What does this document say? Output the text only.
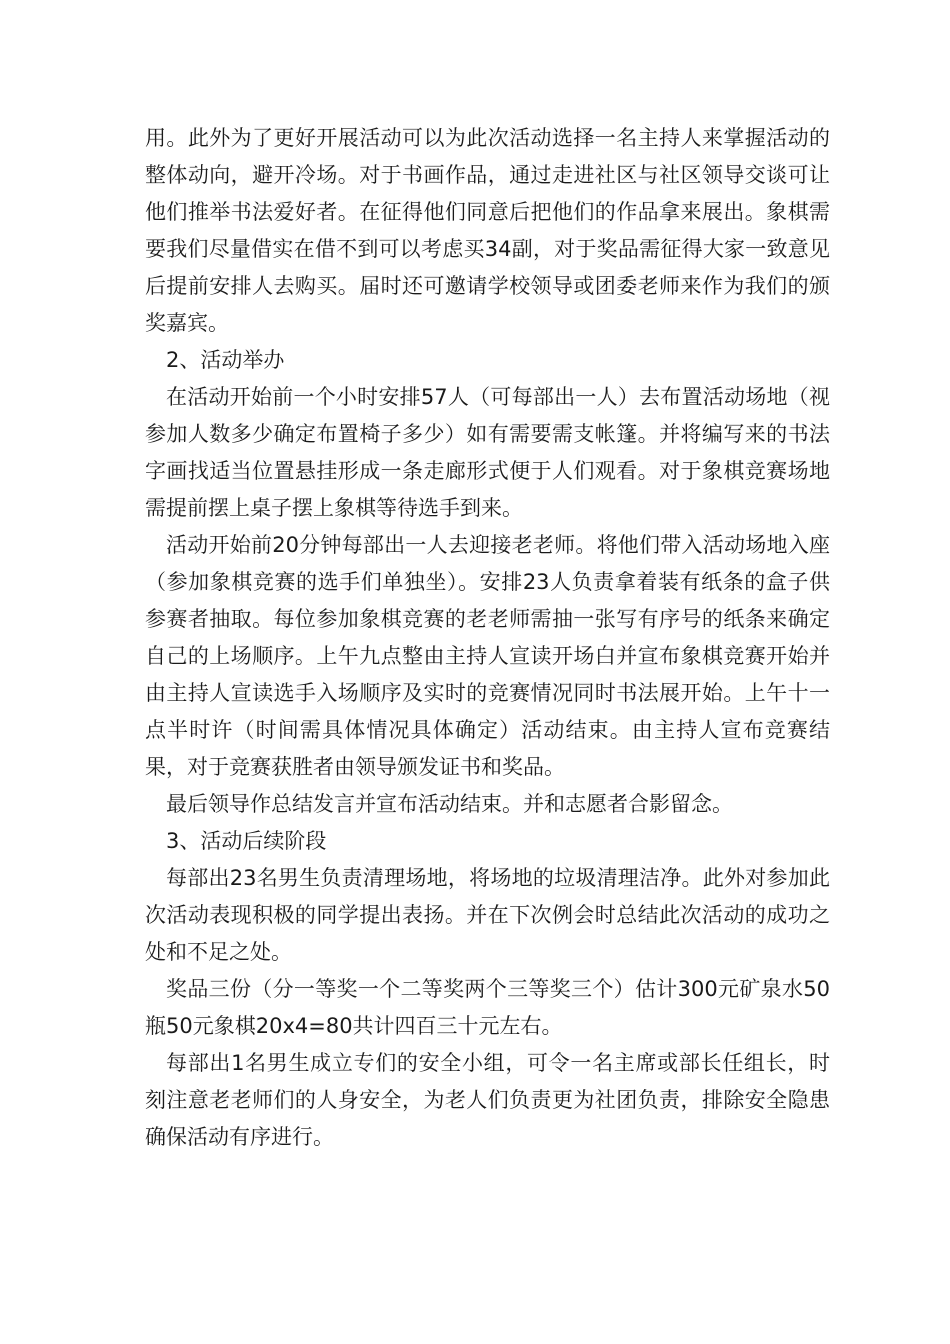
用。此外为了更好开展活动可以为此次活动选择一名主持人来掌握活动的整体动向，避开冷场。对于书画作品，通过走进社区与社区领导交谈可让他们推举书法爱好者。在征得他们同意后把他们的作品拿来展出。象棋需要我们尽量借实在借不到可以考虑买34副，对于奖品需征得大家一致意见后提前安排人去购买。届时还可邀请学校领导或团委老师来作为我们的颁奖嘉宾。

2、活动举办

在活动开始前一个小时安排57人（可每部出一人）去布置活动场地（视参加人数多少确定布置椅子多少）如有需要需支帐篷。并将编写来的书法字画找适当位置悬挂形成一条走廊形式便于人们观看。对于象棋竞赛场地需提前摆上桌子摆上象棋等待选手到来。

活动开始前20分钟每部出一人去迎接老老师。将他们带入活动场地入座（参加象棋竞赛的选手们单独坐）。安排23人负责拿着装有纸条的盒子供参赛者抽取。每位参加象棋竞赛的老老师需抽一张写有序号的纸条来确定自己的上场顺序。上午九点整由主持人宣读开场白并宣布象棋竞赛开始并由主持人宣读选手入场顺序及实时的竞赛情况同时书法展开始。上午十一点半时许（时间需具体情况具体确定）活动结束。由主持人宣布竞赛结果，对于竞赛获胜者由领导颁发证书和奖品。

最后领导作总结发言并宣布活动结束。并和志愿者合影留念。

3、活动后续阶段

每部出23名男生负责清理场地，将场地的垃圾清理洁净。此外对参加此次活动表现积极的同学提出表扬。并在下次例会时总结此次活动的成功之处和不足之处。

奖品三份（分一等奖一个二等奖两个三等奖三个）估计300元矿泉水50瓶50元象棋20x4=80共计四百三十元左右。

每部出1名男生成立专们的安全小组，可令一名主席或部长任组长，时刻注意老老师们的人身安全，为老人们负责更为社团负责，排除安全隐患确保活动有序进行。
